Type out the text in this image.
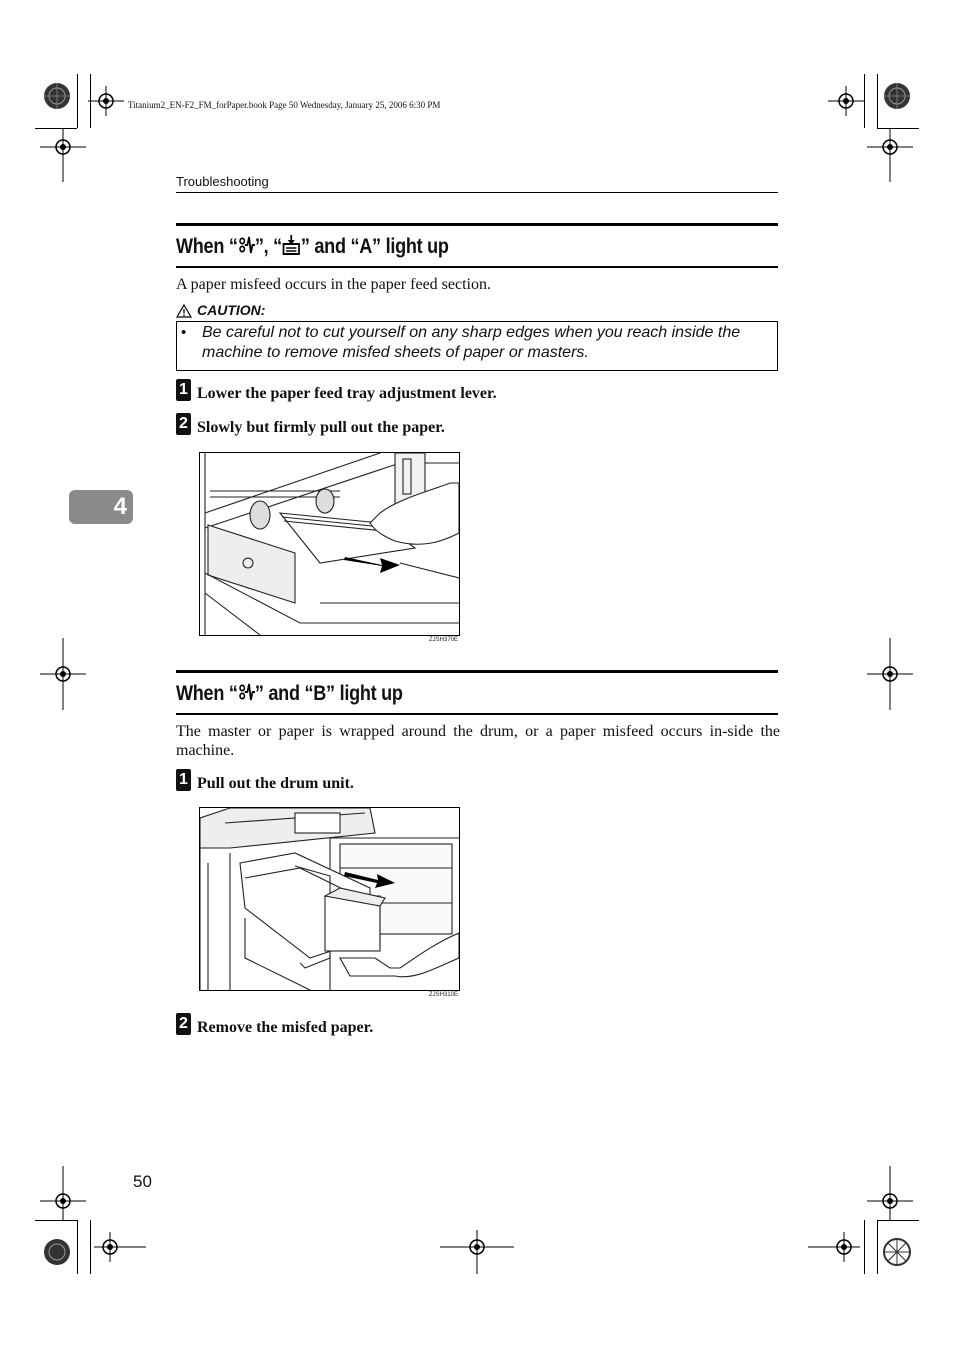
Titanium2_EN-F2_FM_forPaper.book Page 50 Wednesday, January 25, 2006 6:30 PM
Troubleshooting
4
When “ ”, “ ” and “A” light up
A paper misfeed occurs in the paper feed section.
CAUTION:
• Be careful not to cut yourself on any sharp edges when you reach inside the machine to remove misfed sheets of paper or masters.
1 Lower the paper feed tray adjustment lever.
2 Slowly but firmly pull out the paper.
ZJSH370E
When “ ” and “B” light up
The master or paper is wrapped around the drum, or a paper misfeed occurs in-side the machine.
1 Pull out the drum unit.
ZJSH310E
2 Remove the misfed paper.
50
